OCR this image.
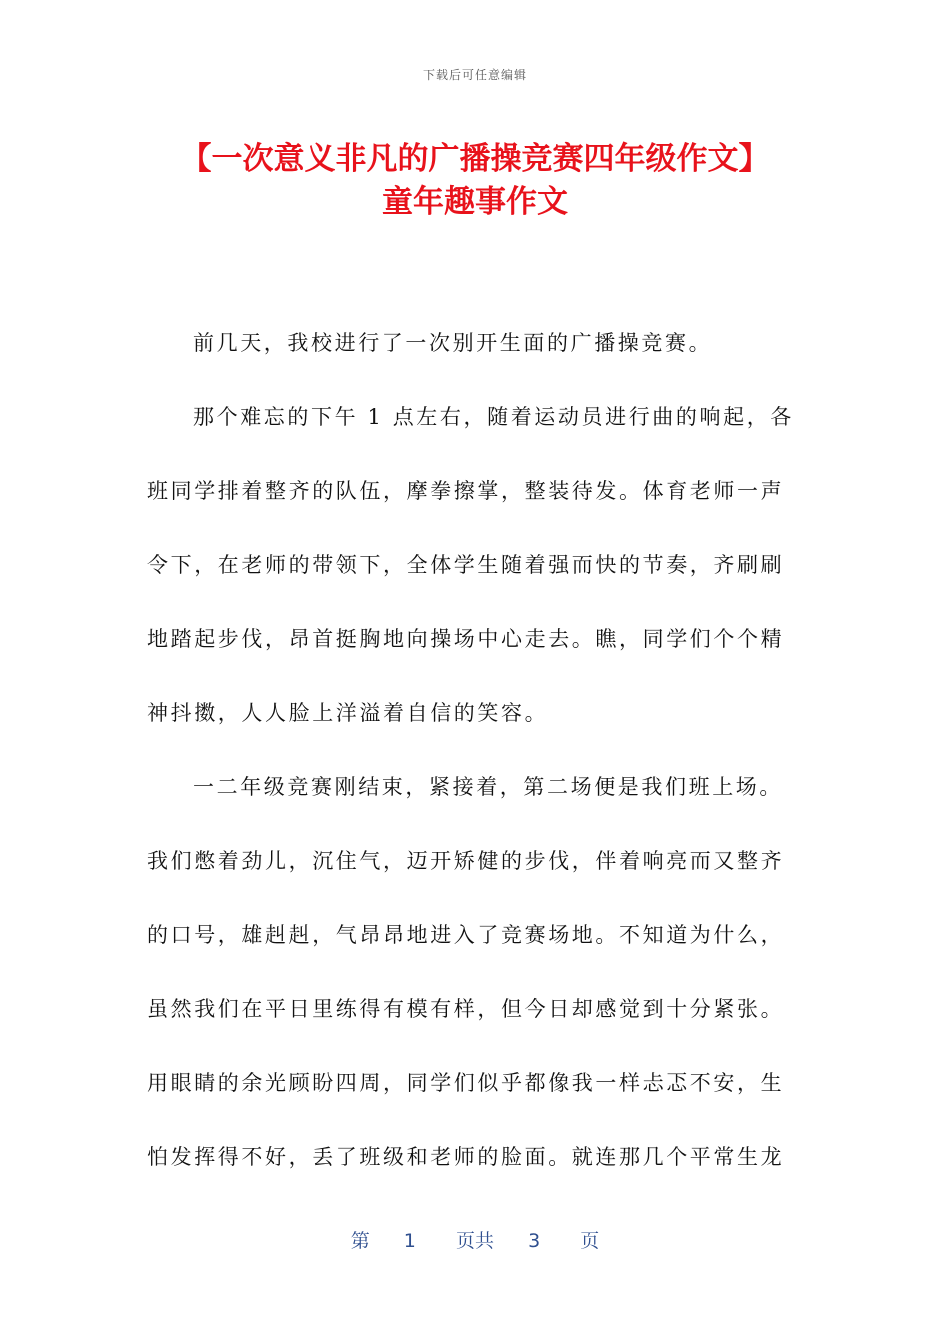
下载后可任意编辑
【一次意义非凡的广播操竞赛四年级作文】
童年趣事作文
前几天，我校进行了一次别开生面的广播操竞赛。
那个难忘的下午 1 点左右，随着运动员进行曲的响起，各
班同学排着整齐的队伍，摩拳擦掌，整装待发。体育老师一声
令下，在老师的带领下，全体学生随着强而快的节奏，齐刷刷
地踏起步伐，昂首挺胸地向操场中心走去。瞧，同学们个个精
神抖擞，人人脸上洋溢着自信的笑容。
一二年级竞赛刚结束，紧接着，第二场便是我们班上场。
我们憋着劲儿，沉住气，迈开矫健的步伐，伴着响亮而又整齐
的口号，雄赳赳，气昂昂地进入了竞赛场地。不知道为什么，
虽然我们在平日里练得有模有样，但今日却感觉到十分紧张。
用眼睛的余光顾盼四周，同学们似乎都像我一样忐忑不安，生
怕发挥得不好，丢了班级和老师的脸面。就连那几个平常生龙
第 1 页共 3 页
